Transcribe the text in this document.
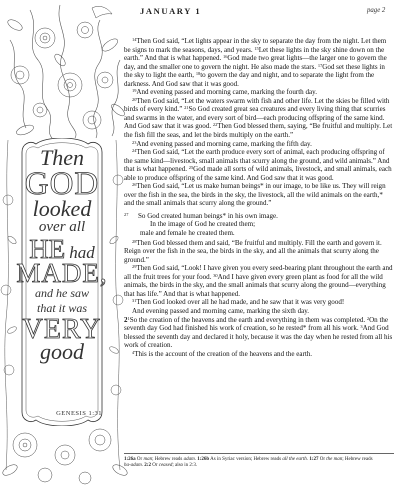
JANUARY 1	page 2
Then
GOD
looked
over all
HE had
MADE,
and he saw
that it was
VERY
good
GENESIS 1:31

$^{14}$Then God said, “Let lights appear in the sky to separate the day from the night. Let them be signs to mark the seasons, days, and years. $^{15}$Let these lights in the sky shine down on the earth.” And that is what happened. $^{16}$God made two great lights—the larger one to govern the day, and the smaller one to govern the night. He also made the stars. $^{17}$God set these lights in the sky to light the earth, $^{18}$to govern the day and night, and to separate the light from the darkness. And God saw that it was good.

$^{19}$And evening passed and morning came, marking the fourth day.

$^{20}$Then God said, “Let the waters swarm with fish and other life. Let the skies be filled with birds of every kind.” $^{21}$So God created great sea creatures and every living thing that scurries and swarms in the water, and every sort of bird—each producing offspring of the same kind. And God saw that it was good. $^{22}$Then God blessed them, saying, “Be fruitful and multiply. Let the fish fill the seas, and let the birds multiply on the earth.”

$^{23}$And evening passed and morning came, marking the fifth day.

$^{24}$Then God said, “Let the earth produce every sort of animal, each producing offspring of the same kind—livestock, small animals that scurry along the ground, and wild animals.” And that is what happened. $^{25}$God made all sorts of wild animals, livestock, and small animals, each able to produce offspring of the same kind. And God saw that it was good.

$^{26}$Then God said, “Let us make human beings* in our image, to be like us. They will reign over the fish in the sea, the birds in the sky, the livestock, all the wild animals on the earth,* and the small animals that scurry along the ground.”

27 So God created human beings* in his own image.
In the image of God he created them;
male and female he created them.

$^{28}$Then God blessed them and said, “Be fruitful and multiply. Fill the earth and govern it. Reign over the fish in the sea, the birds in the sky, and all the animals that scurry along the ground.”

$^{29}$Then God said, “Look! I have given you every seed-bearing plant throughout the earth and all the fruit trees for your food. $^{30}$And I have given every green plant as food for all the wild animals, the birds in the sky, and the small animals that scurry along the ground—everything that has life.” And that is what happened.

$^{31}$Then God looked over all he had made, and he saw that it was very good!

And evening passed and morning came, marking the sixth day.

$2^1So$ the creation of the heavens and the earth and everything in them was completed. $^2$On the seventh day God had finished his work of creation, so he rested* from all his work. $^3$And God blessed the seventh day and declared it holy, because it was the day when he rested from all his work of creation.

$^4$This is the account of the creation of the heavens and the earth.

1:26a Or man; Hebrew reads adam. 1:26b As in Syriac version; Hebrew reads all the earth. 1:27 Or the man; Hebrew reads
ha-adam. 2:2 Or ceased; also in 2:3.
